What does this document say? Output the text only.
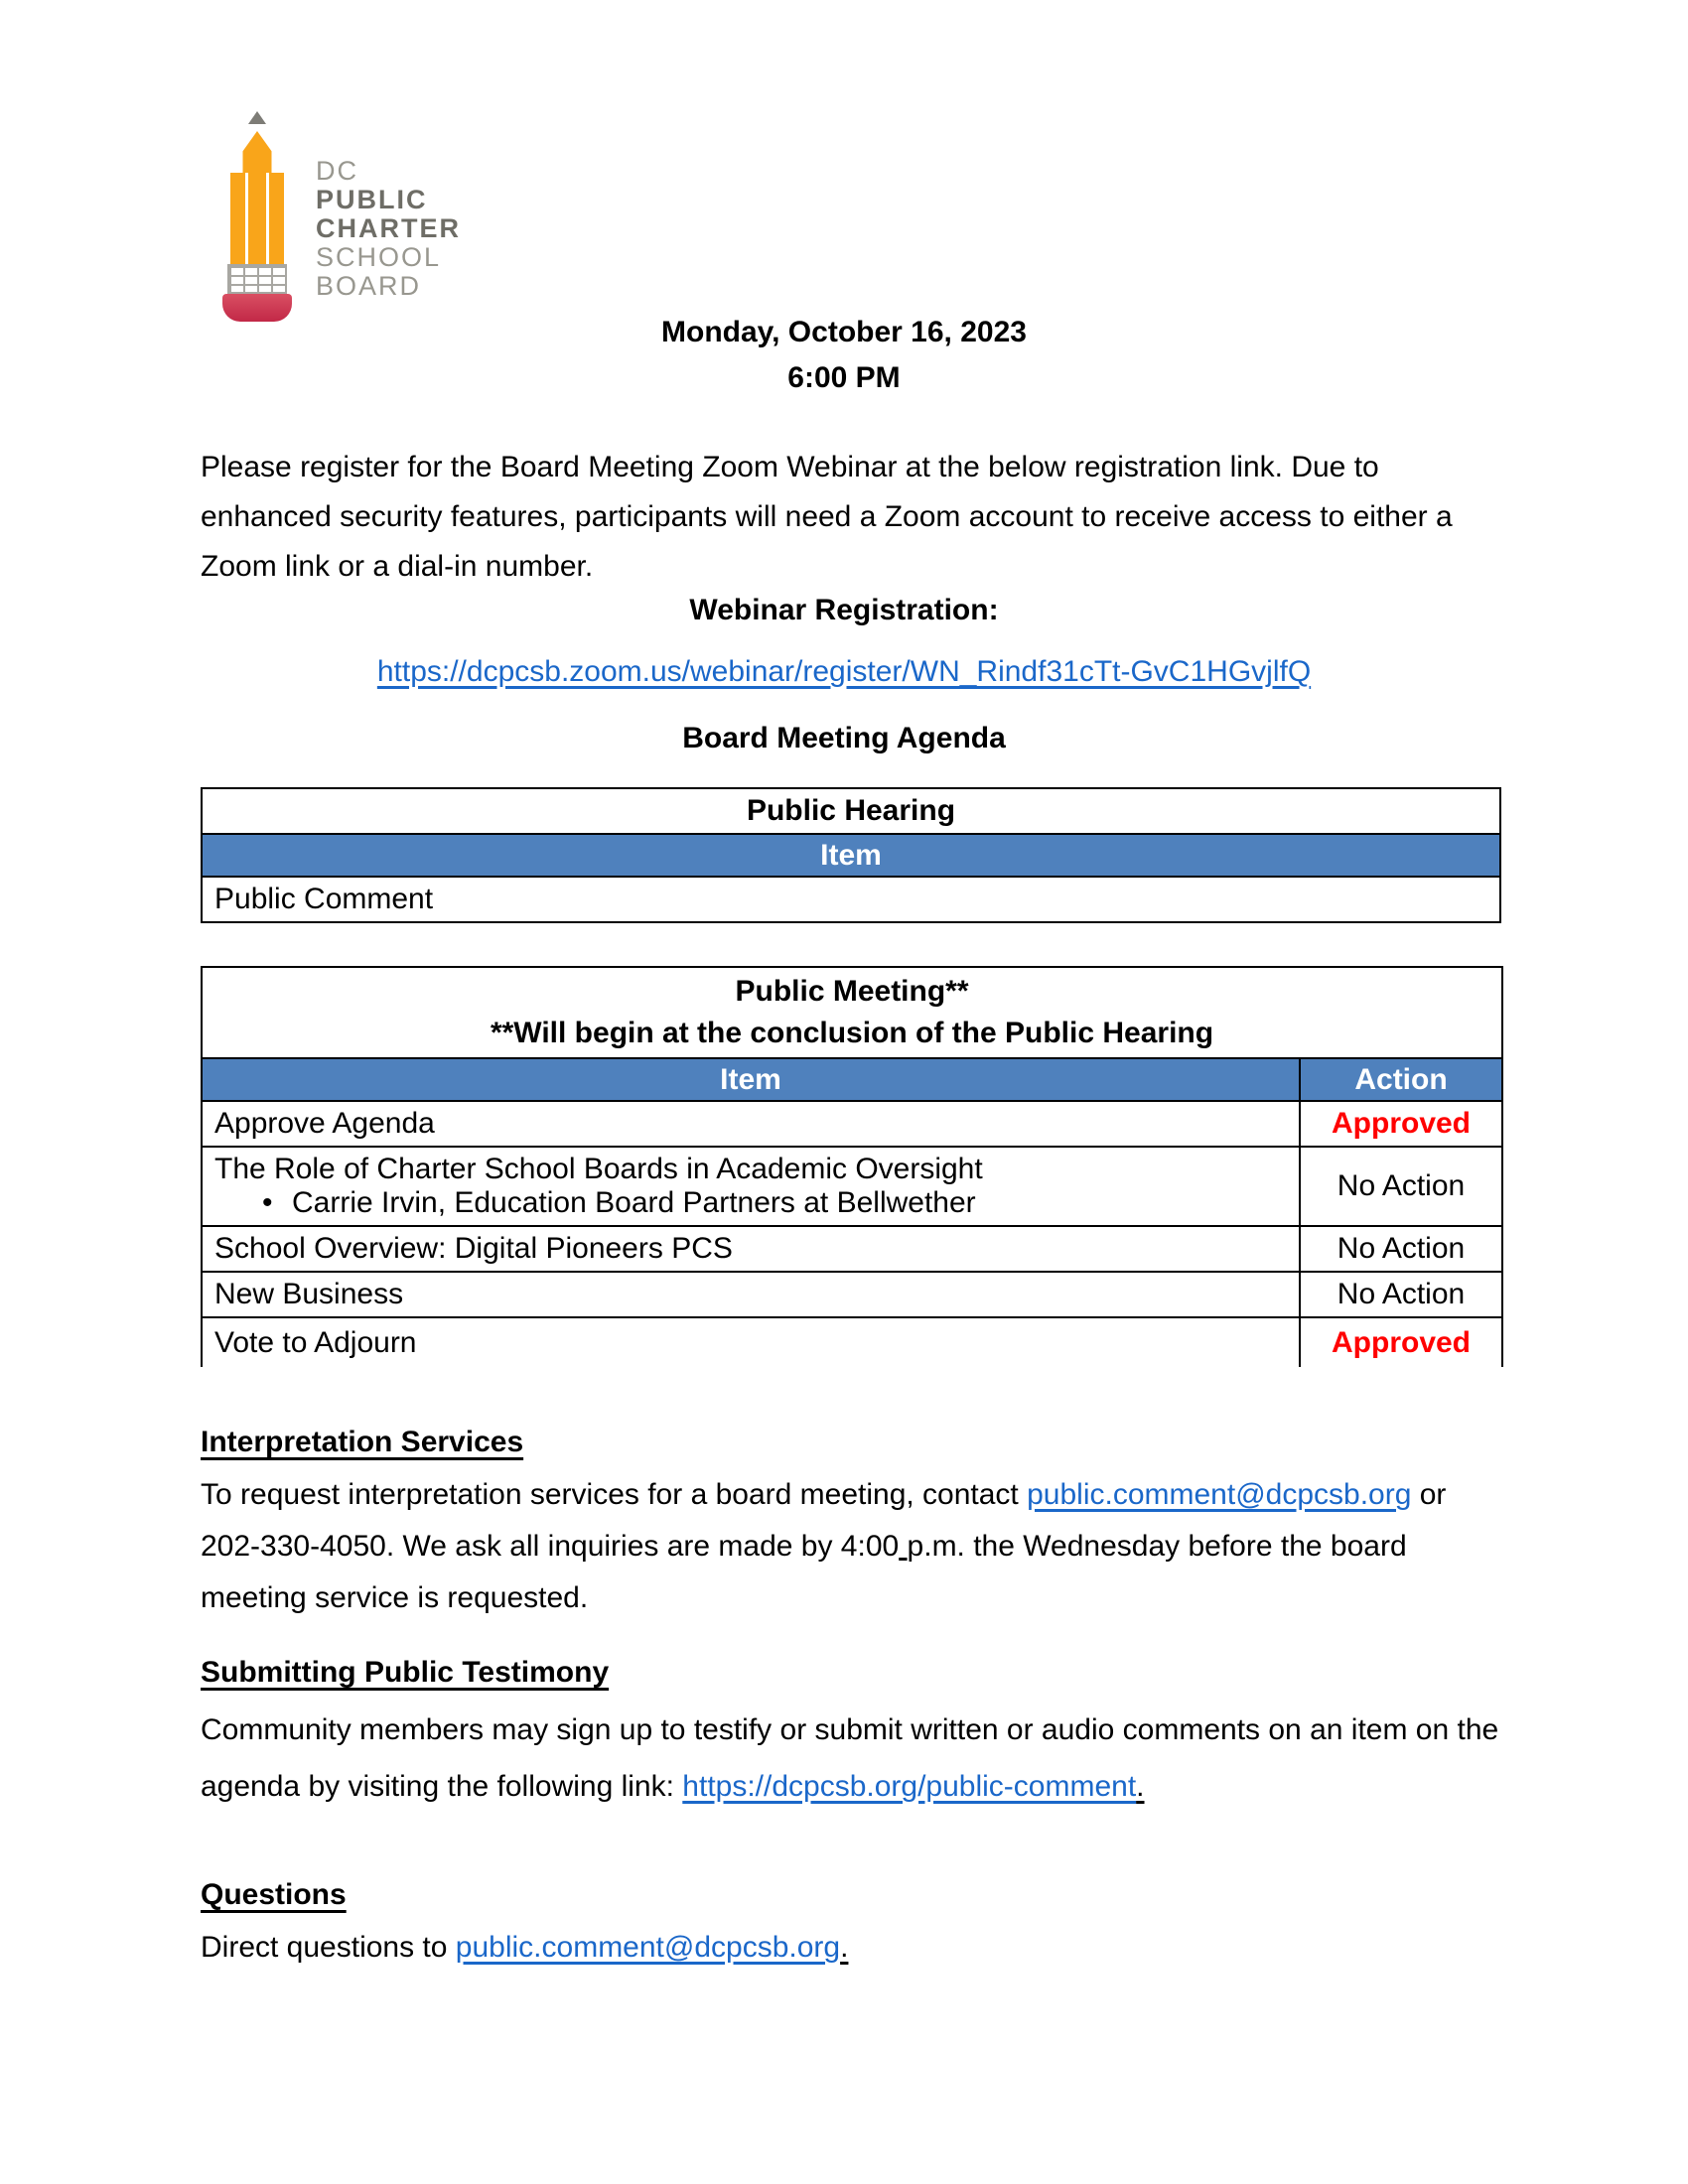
DC
PUBLIC
CHARTER
SCHOOL
BOARD
Monday, October 16, 2023
6:00 PM
Please register for the Board Meeting Zoom Webinar at the below registration link. Due to enhanced security features, participants will need a Zoom account to receive access to either a Zoom link or a dial-in number.
Webinar Registration:
https://dcpcsb.zoom.us/webinar/register/WN_Rindf31cTt-GvC1HGvjlfQ
Board Meeting Agenda
Public Hearing
Item
Public Comment
Public Meeting**
**Will begin at the conclusion of the Public Hearing	

Item	Action
Approve Agenda	Approved

The Role of Charter School Boards in Academic Oversight
• Carrie Irvin, Education Board Partners at Bellwether	No Action
School Overview: Digital Pioneers PCS	No Action
New Business	No Action
Vote to Adjourn	Approved
Interpretation Services
To request interpretation services for a board meeting, contact public.comment@dcpcsb.org or 202-330-4050. We ask all inquiries are made by 4:00 p.m. the Wednesday before the board meeting service is requested.
Submitting Public Testimony
Community members may sign up to testify or submit written or audio comments on an item on the agenda by visiting the following link: https://dcpcsb.org/public-comment.
Questions
Direct questions to public.comment@dcpcsb.org.
